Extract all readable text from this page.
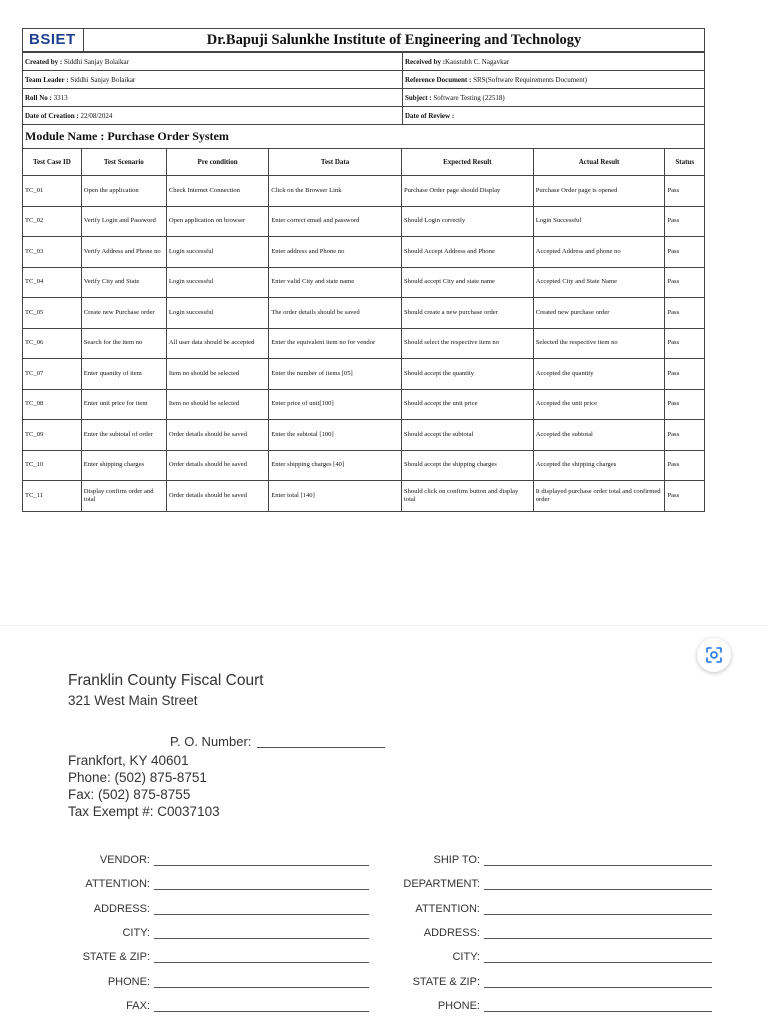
BSIET	Dr.Bapuji Salunkhe Institute of Engineering and Technology
Created by : Siddhi Sanjay Bolaikar	Received by :Kaustubh C. Nagavkar
Team Leader : Siddhi Sanjay Bolaikar	Reference Document : SRS(Software Requirements Document)
Roll No : 3313	Subject : Software Testing (22518)
Date of Creation : 22/08/2024	Date of Review :
Module Name : Purchase Order System	
Test Case ID	Test Scenario	Pre condition	Test Data	Expected Result	Actual Result	Status
TC_01	Open the application	Check Internet Connection	Click on the Browser Link	Purchase Order page should Display	Purchase Order page is opened	Pass
TC_02	Verify Login and Password	Open application on browser	Enter correct email and password	Should Login correctly	Login Successful	Pass
TC_03	Verify Address and Phone no	Login successful	Enter address and Phone no	Should Accept Address and Phone	Accepted Address and phone no	Pass
TC_04	Verify City and State	Login successful	Enter valid City and state name	Should accept City and state name	Accepted City and State Name	Pass
TC_05	Create new Purchase order	Login successful	The order details should be saved	Should create a new purchase order	Created new purchase order	Pass
TC_06	Search for the item no	All user data should be accepted	Enter the equivalent item no for vendor	Should select the respective item no	Selected the respective item no	Pass
TC_07	Enter quantity of item	Item no should be selected	Enter the number of items [05]	Should accept the quantity	Accepted the quantity	Pass
TC_08	Enter unit price for item	Item no should be selected	Enter price of unit[100]	Should accept the unit price	Accepted the unit price	Pass
TC_09	Enter the subtotal of order	Order details should be saved	Enter the subtotal [100]	Should accept the subtotal	Accepted the subtotal	Pass
TC_10	Enter shipping charges	Order details should be saved	Enter shipping charges [40]	Should accept the shipping charges	Accepted the shipping charges	Pass
TC_11	Display confirm order and total	Order details should be saved	Enter total [140]	Should click on confirm button and display total	It displayed purchase order total and confirmed order	Pass
Franklin County Fiscal Court
321 West Main Street
P. O. Number:
Frankfort, KY 40601
Phone: (502) 875-8751
Fax: (502) 875-8755
Tax Exempt #: C0037103
VENDOR:
ATTENTION:
ADDRESS:
CITY:
STATE & ZIP:
PHONE:
FAX:
SHIP TO:
DEPARTMENT:
ATTENTION:
ADDRESS:
CITY:
STATE & ZIP:
PHONE:
